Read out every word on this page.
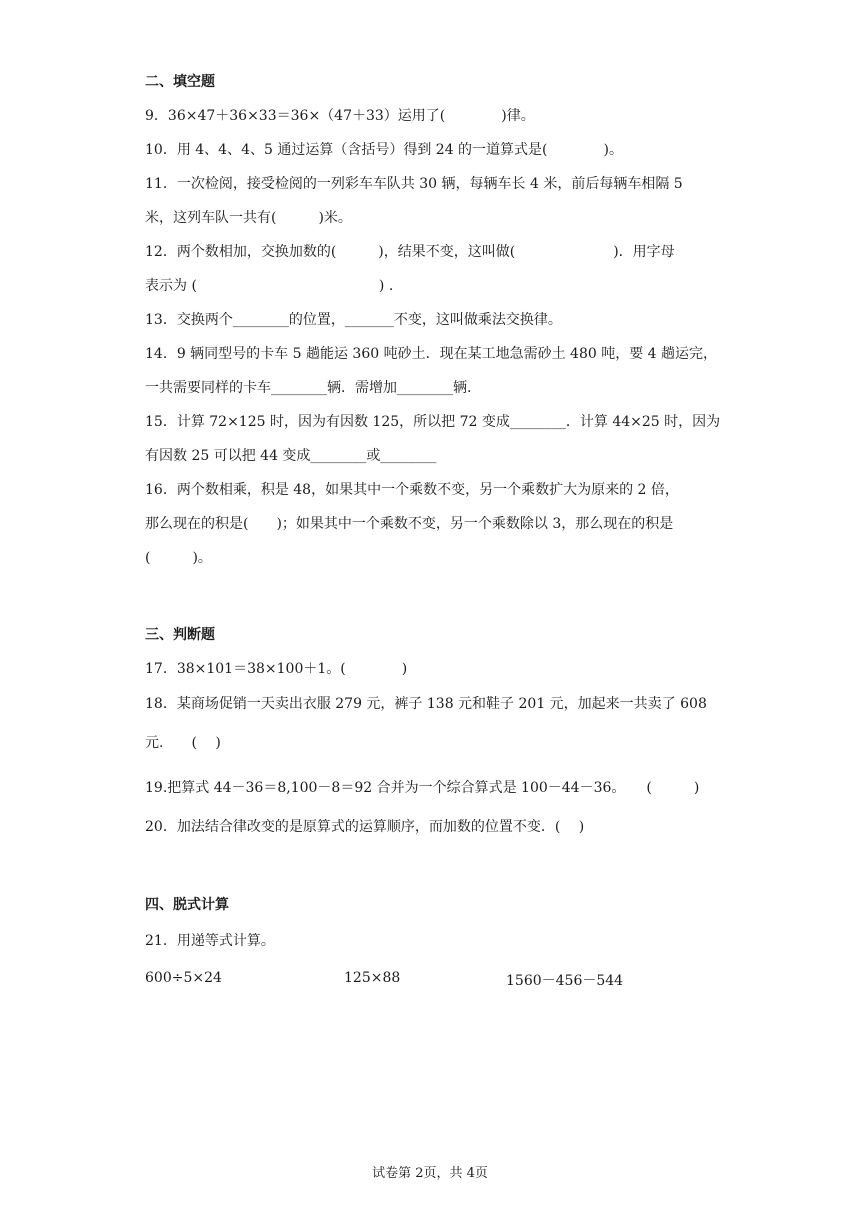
二、填空题
9．36×47＋36×33＝36×（47＋33）运用了(　　　　)律。
10．用 4、4、4、5 通过运算（含括号）得到 24 的一道算式是(　　　　)。
11．一次检阅，接受检阅的一列彩车车队共 30 辆，每辆车长 4 米，前后每辆车相隔 5
米，这列车队一共有(　　　)米。
12．两个数相加，交换加数的(　　　)，结果不变，这叫做(　　　　　　　)．用字母
表示为 (　　　　　　　　　　　　　) .
13．交换两个________的位置，_______不变，这叫做乘法交换律。
14．9 辆同型号的卡车 5 趟能运 360 吨砂土．现在某工地急需砂土 480 吨，要 4 趟运完，
一共需要同样的卡车________辆．需增加________辆.
15．计算 72×125 时，因为有因数 125，所以把 72 变成________．计算 44×25 时，因为
有因数 25 可以把 44 变成________或________
16．两个数相乘，积是 48，如果其中一个乘数不变，另一个乘数扩大为原来的 2 倍，
那么现在的积是(　　)；如果其中一个乘数不变，另一个乘数除以 3，那么现在的积是
(　　　)。
三、判断题
17．38×101＝38×100＋1。(　　　　)
18．某商场促销一天卖出衣服 279 元，裤子 138 元和鞋子 201 元，加起来一共卖了 608
元.　　(　 )
19.把算式 44－36＝8,100－8＝92 合并为一个综合算式是 100－44－36。　　(　　　)
20．加法结合律改变的是原算式的运算顺序，而加数的位置不变．(　 )
四、脱式计算
21．用递等式计算。
600÷5×24	125×88	1560－456－544
试卷第 2页，共 4页
